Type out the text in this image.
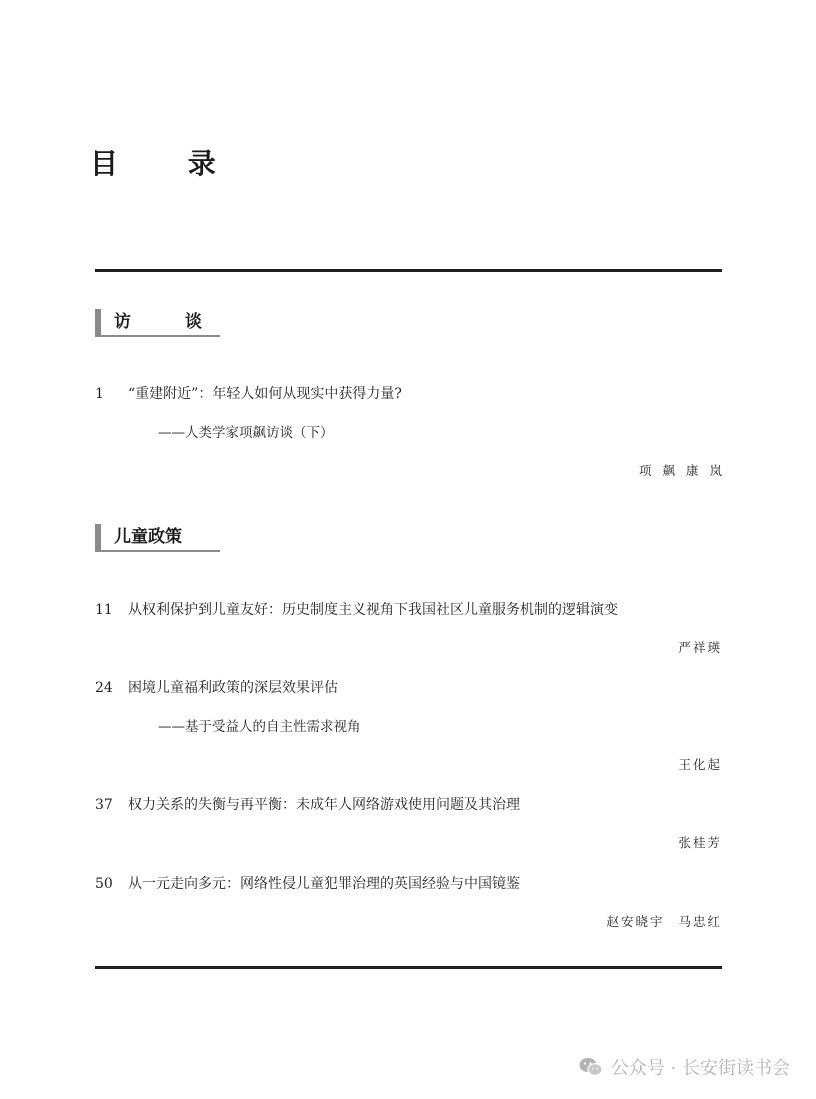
目 录
访 谈
1 “重建附近”：年轻人如何从现实中获得力量?
——人类学家项飙访谈（下）
项飙康岚
儿童政策
11 从权利保护到儿童友好：历史制度主义视角下我国社区儿童服务机制的逻辑演变
严祥瑛
24 困境儿童福利政策的深层效果评估
——基于受益人的自主性需求视角
王化起
37 权力关系的失衡与再平衡：未成年人网络游戏使用问题及其治理
张桂芳
50 从一元走向多元：网络性侵儿童犯罪治理的英国经验与中国镜鉴
赵安晓宇 马忠红
公众号 · 长安街读书会
